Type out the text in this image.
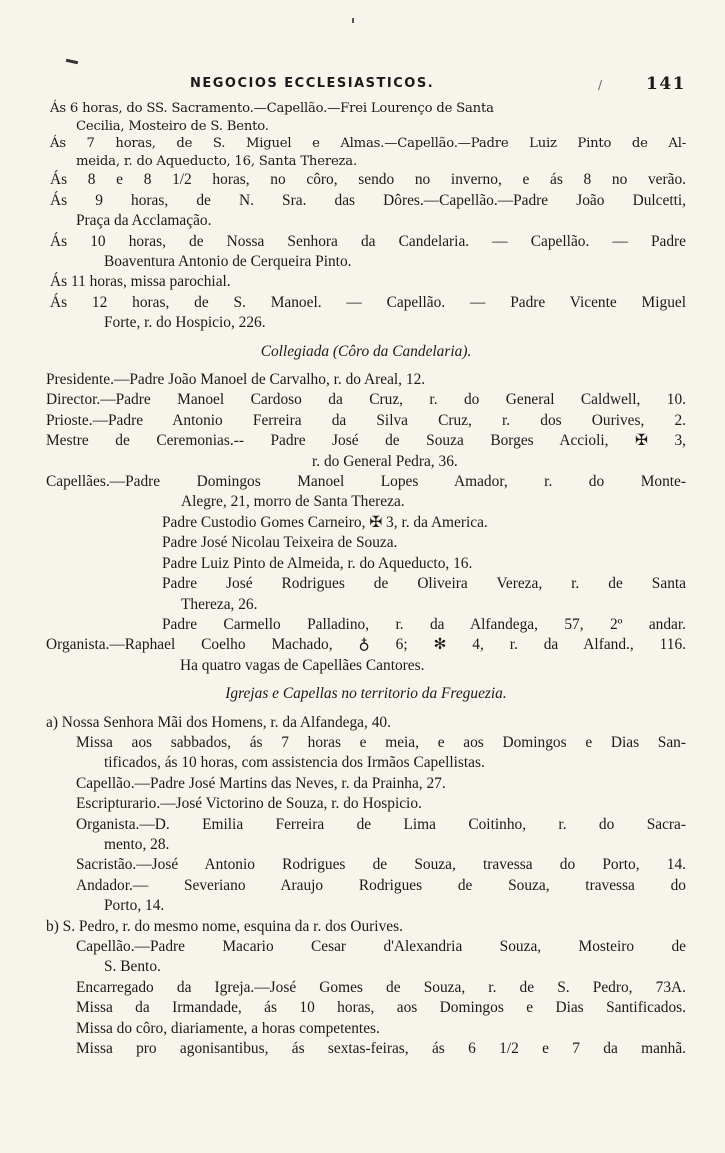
NEGOCIOS ECCLESIASTICOS.	/ 141
Ás 6 horas, do SS. Sacramento.—Capellão.—Frei Lourenço de Santa
Cecilia, Mosteiro de S. Bento.
Ás 7 horas, de S. Miguel e Almas.—Capellão.—Padre Luiz Pinto de Al-
meida, r. do Aqueducto, 16, Santa Thereza.
Ás 8 e 8 1/2 horas, no côro, sendo no inverno, e ás 8 no verão.
Ás 9 horas, de N. Sra. das Dôres.—Capellão.—Padre João Dulcetti,
Praça da Acclamação.
Ás 10 horas, de Nossa Senhora da Candelaria. — Capellão. — Padre
Boaventura Antonio de Cerqueira Pinto.
Ás 11 horas, missa parochial.
Ás 12 horas, de S. Manoel. — Capellão. — Padre Vicente Miguel
Forte, r. do Hospicio, 226.
Collegiada (Côro da Candelaria).
Presidente.—Padre João Manoel de Carvalho, r. do Areal, 12.
Director.—Padre Manoel Cardoso da Cruz, r. do General Caldwell, 10.
Prioste.—Padre Antonio Ferreira da Silva Cruz, r. dos Ourives, 2.
Mestre de Ceremonias.-- Padre José de Souza Borges Accioli, ✠ 3,
r. do General Pedra, 36.
Capellães.—Padre Domingos Manoel Lopes Amador, r. do Monte-
Alegre, 21, morro de Santa Thereza.
Padre Custodio Gomes Carneiro, ✠ 3, r. da America.
Padre José Nicolau Teixeira de Souza.
Padre Luiz Pinto de Almeida, r. do Aqueducto, 16.
Padre José Rodrigues de Oliveira Vereza, r. de Santa
Thereza, 26.
Padre Carmello Palladino, r. da Alfandega, 57, 2º andar.
Organista.—Raphael Coelho Machado, ♁ 6; ✻ 4, r. da Alfand., 116.
Ha quatro vagas de Capellães Cantores.
Igrejas e Capellas no territorio da Freguezia.
a) Nossa Senhora Mãi dos Homens, r. da Alfandega, 40.
Missa aos sabbados, ás 7 horas e meia, e aos Domingos e Dias San-
tificados, ás 10 horas, com assistencia dos Irmãos Capellistas.
Capellão.—Padre José Martins das Neves, r. da Prainha, 27.
Escripturario.—José Victorino de Souza, r. do Hospicio.
Organista.—D. Emilia Ferreira de Lima Coitinho, r. do Sacra-
mento, 28.
Sacristão.—José Antonio Rodrigues de Souza, travessa do Porto, 14.
Andador.— Severiano Araujo Rodrigues de Souza, travessa do
Porto, 14.
b) S. Pedro, r. do mesmo nome, esquina da r. dos Ourives.
Capellão.—Padre Macario Cesar d'Alexandria Souza, Mosteiro de
S. Bento.
Encarregado da Igreja.—José Gomes de Souza, r. de S. Pedro, 73A.
Missa da Irmandade, ás 10 horas, aos Domingos e Dias Santificados.
Missa do côro, diariamente, a horas competentes.
Missa pro agonisantibus, ás sextas-feiras, ás 6 1/2 e 7 da manhã.
